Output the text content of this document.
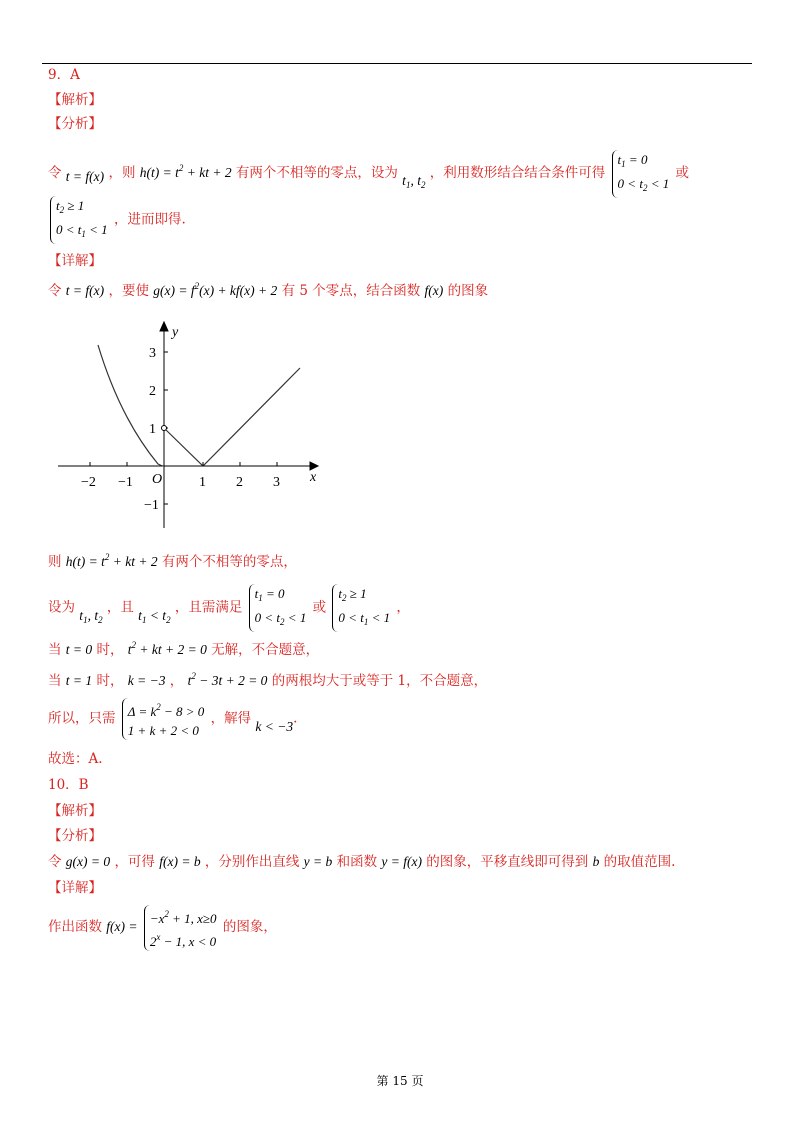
9．A
【解析】
【分析】
令 t = f(x) ，则 $h(t) = t^2$ + kt + 2 有两个不相等的零点，设为 $t_1$, $t_2$ ，利用数形结合结合条件可得 $t_1 = 0$
$0 < t_2 < 1$ 或
$t_2 \ge 1$
$0 < t_1 < 1$ ，进而即得.
【详解】
令 t = f(x) ，要使 $g(x) = f^2(x) + kf(x) + 2$ 有 5 个零点，结合函数 f(x) 的图象
y
x
O
−2 −1	1 2 3
3
2
1
−1
则 $h(t) = t^2$ + kt + 2 有两个不相等的零点，
设为 $t_1$, $t_2$ ，且 $t_1 < t_2$ ，且需满足 $t_1 = 0$
$0 < t_2 < 1$ 或 $t_2 \ge 1$
$0 < t_1 < 1$ ，
当 t = 0 时， $t^2$ + kt + 2 = 0 无解，不合题意，
当 t = 1 时， k = −3 ， $t^2 - 3t + 2 = 0$ 的两根均大于或等于 1，不合题意，
所以，只需 $\Delta = k^2 - 8 > 0$
1 + k + 2 < 0 ，解得 k < −3.
故选：A.
10．B
【解析】
【分析】
令 g(x) = 0 ，可得 f(x) = b ，分别作出直线 y = b 和函数 y = f(x) 的图象，平移直线即可得到 b 的取值范围.
【详解】
作出函数 $f(x) = -x^2 + 1$, x≥0
$2^x - 1$, x < 0 的图象，
第 15 页
